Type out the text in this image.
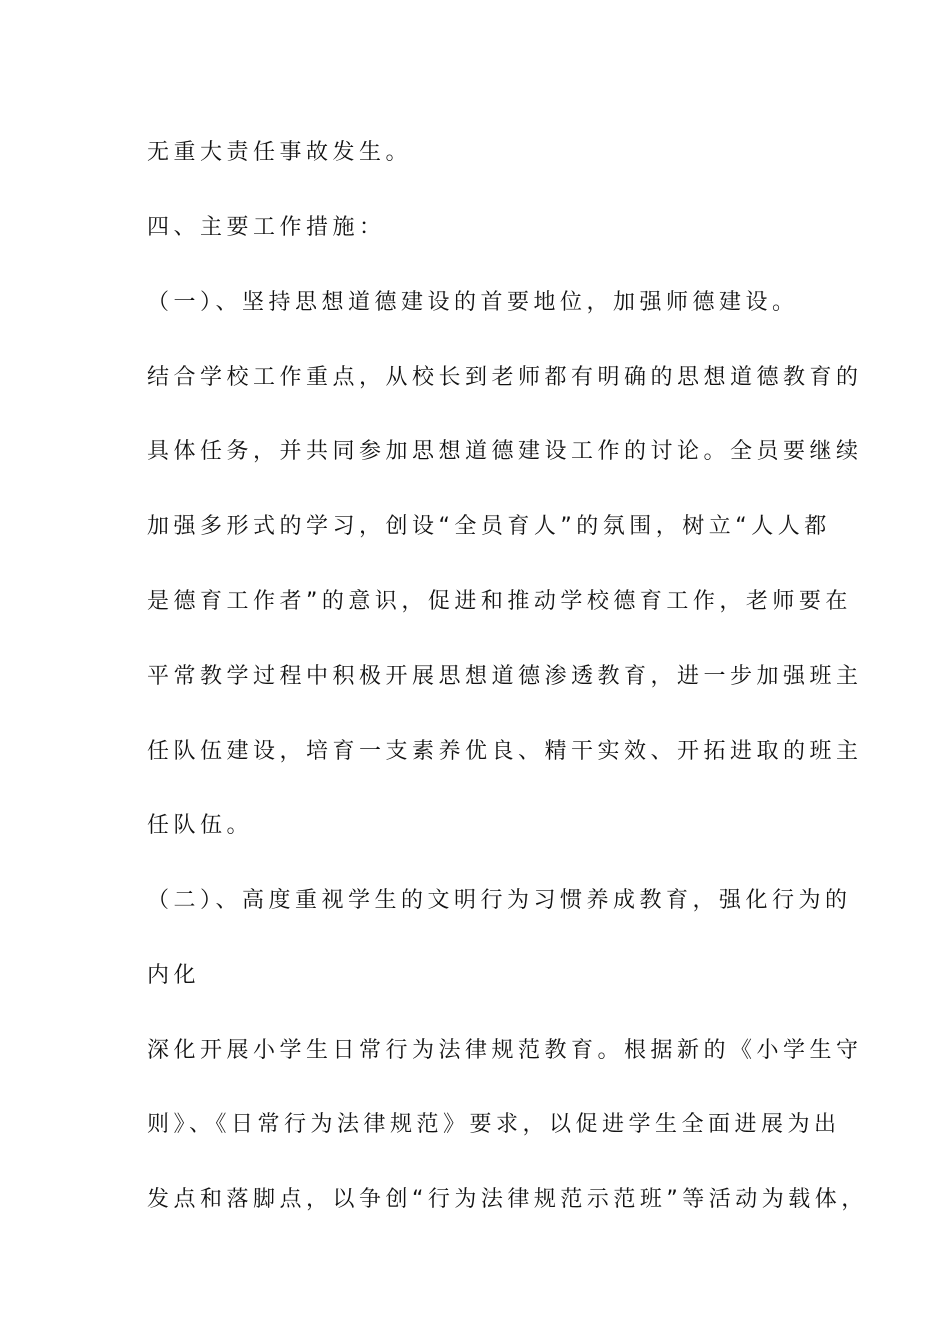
无重大责任事故发生。
四、主要工作措施：
（一）、坚持思想道德建设的首要地位，加强师德建设。
结合学校工作重点，从校长到老师都有明确的思想道德教育的
具体任务，并共同参加思想道德建设工作的讨论。全员要继续
加强多形式的学习，创设“全员育人”的氛围，树立“人人都
是德育工作者”的意识，促进和推动学校德育工作，老师要在
平常教学过程中积极开展思想道德渗透教育，进一步加强班主
任队伍建设，培育一支素养优良、精干实效、开拓进取的班主
任队伍。
（二）、高度重视学生的文明行为习惯养成教育，强化行为的
内化
深化开展小学生日常行为法律规范教育。根据新的《小学生守
则》、《日常行为法律规范》要求，以促进学生全面进展为出
发点和落脚点，以争创“行为法律规范示范班”等活动为载体，
